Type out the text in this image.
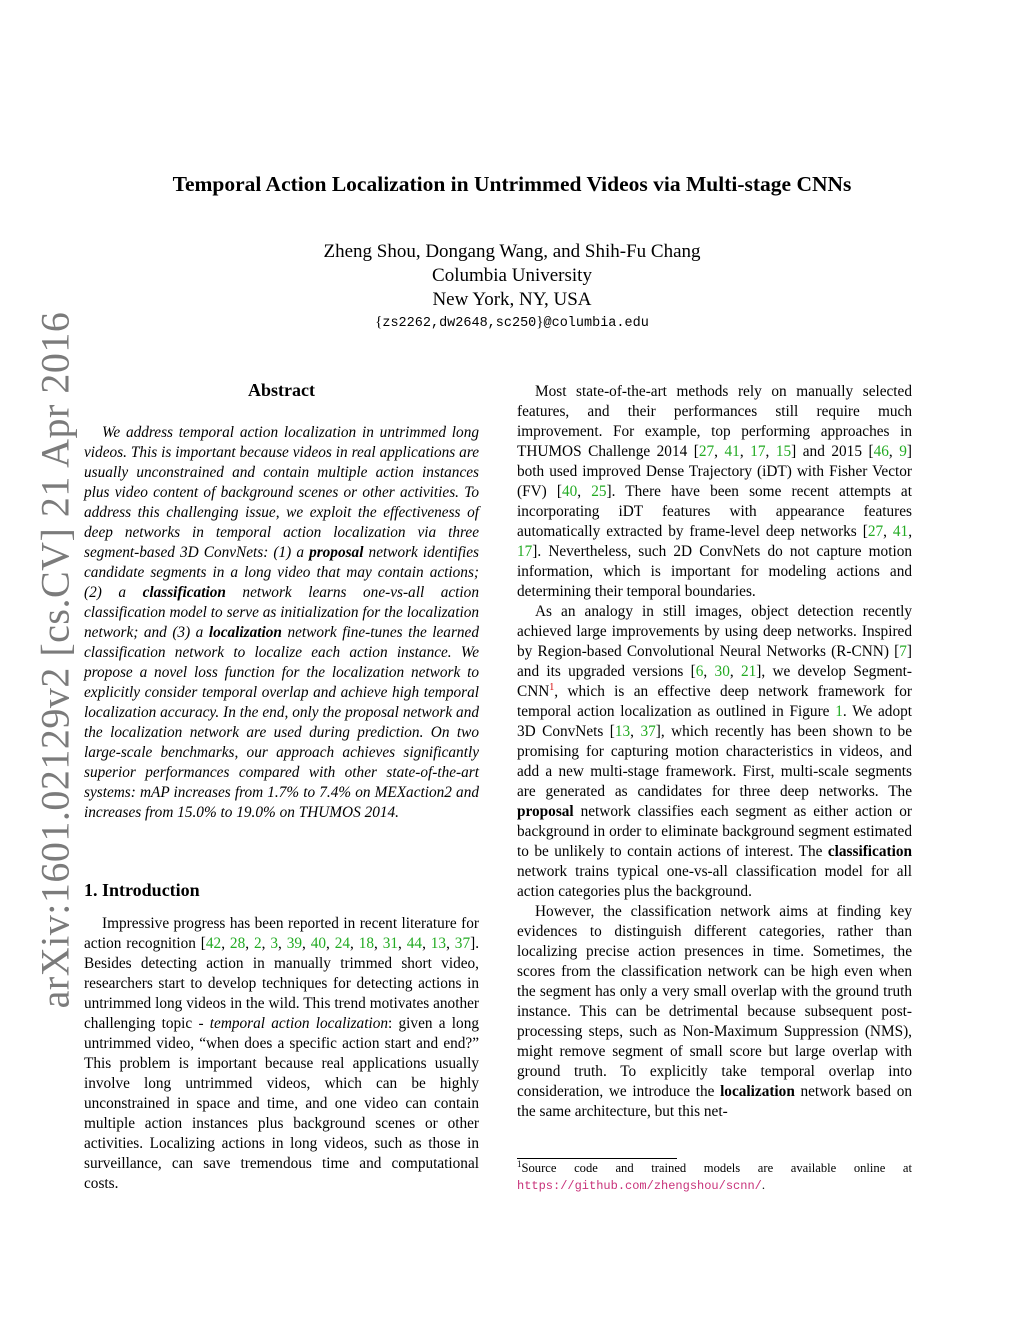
arXiv:1601.02129v2 [cs.CV] 21 Apr 2016
Temporal Action Localization in Untrimmed Videos via Multi-stage CNNs
Zheng Shou, Dongang Wang, and Shih-Fu Chang
Columbia University
New York, NY, USA
{zs2262,dw2648,sc250}@columbia.edu
Abstract
We address temporal action localization in untrimmed long videos. This is important because videos in real applications are usually unconstrained and contain multiple action instances plus video content of background scenes or other activities. To address this challenging issue, we exploit the effectiveness of deep networks in temporal action localization via three segment-based 3D ConvNets: (1) a proposal network identifies candidate segments in a long video that may contain actions; (2) a classification network learns one-vs-all action classification model to serve as initialization for the localization network; and (3) a localization network fine-tunes the learned classification network to localize each action instance. We propose a novel loss function for the localization network to explicitly consider temporal overlap and achieve high temporal localization accuracy. In the end, only the proposal network and the localization network are used during prediction. On two large-scale benchmarks, our approach achieves significantly superior performances compared with other state-of-the-art systems: mAP increases from 1.7% to 7.4% on MEXaction2 and increases from 15.0% to 19.0% on THUMOS 2014.
1. Introduction
Impressive progress has been reported in recent literature for action recognition [42, 28, 2, 3, 39, 40, 24, 18, 31, 44, 13, 37]. Besides detecting action in manually trimmed short video, researchers start to develop techniques for detecting actions in untrimmed long videos in the wild. This trend motivates another challenging topic - temporal action localization: given a long untrimmed video, “when does a specific action start and end?” This problem is important because real applications usually involve long untrimmed videos, which can be highly unconstrained in space and time, and one video can contain multiple action instances plus background scenes or other activities. Localizing actions in long videos, such as those in surveillance, can save tremendous time and computational costs.

Most state-of-the-art methods rely on manually selected features, and their performances still require much improvement. For example, top performing approaches in THUMOS Challenge 2014 [27, 41, 17, 15] and 2015 [46, 9] both used improved Dense Trajectory (iDT) with Fisher Vector (FV) [40, 25]. There have been some recent attempts at incorporating iDT features with appearance features automatically extracted by frame-level deep networks [27, 41, 17]. Nevertheless, such 2D ConvNets do not capture motion information, which is important for modeling actions and determining their temporal boundaries.

As an analogy in still images, object detection recently achieved large improvements by using deep networks. Inspired by Region-based Convolutional Neural Networks (R-CNN) [7] and its upgraded versions [6, 30, 21], we develop Segment-CNN$^1$, which is an effective deep network framework for temporal action localization as outlined in Figure 1. We adopt 3D ConvNets [13, 37], which recently has been shown to be promising for capturing motion characteristics in videos, and add a new multi-stage framework. First, multi-scale segments are generated as candidates for three deep networks. The proposal network classifies each segment as either action or background in order to eliminate background segment estimated to be unlikely to contain actions of interest. The classification network trains typical one-vs-all classification model for all action categories plus the background.

However, the classification network aims at finding key evidences to distinguish different categories, rather than localizing precise action presences in time. Sometimes, the scores from the classification network can be high even when the segment has only a very small overlap with the ground truth instance. This can be detrimental because subsequent post-processing steps, such as Non-Maximum Suppression (NMS), might remove segment of small score but large overlap with ground truth. To explicitly take temporal overlap into consideration, we introduce the localization network based on the same architecture, but this net-

$^1$Source code and trained models are available online at https://github.com/zhengshou/scnn/.
